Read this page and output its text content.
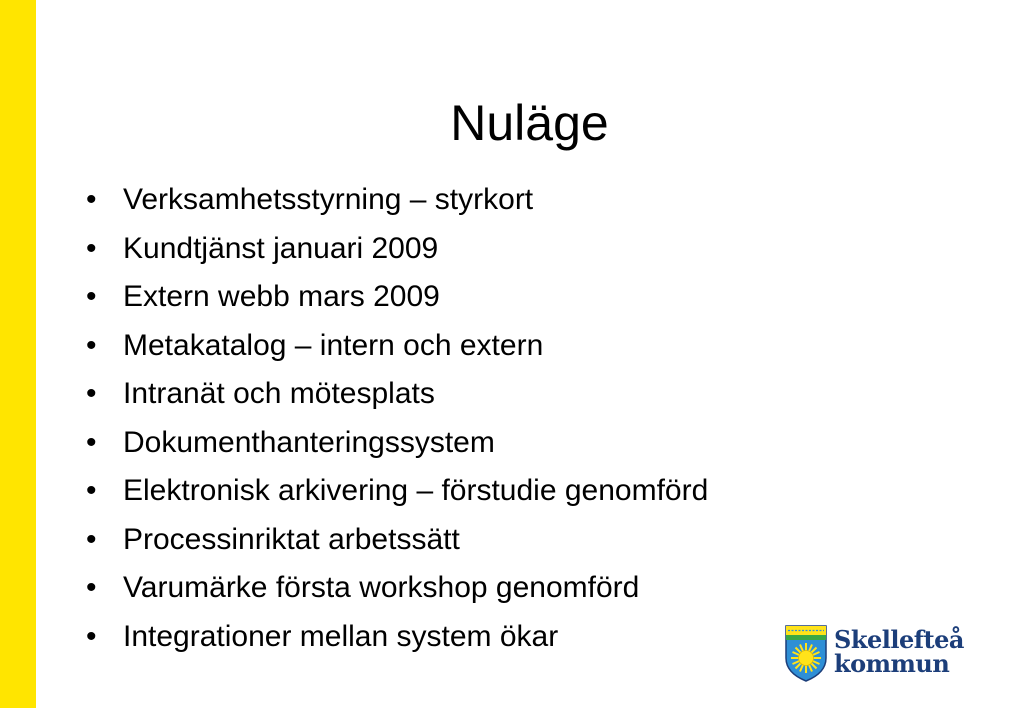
Nuläge
• Verksamhetsstyrning – styrkort
• Kundtjänst januari 2009
• Extern webb mars 2009
• Metakatalog – intern och extern
• Intranät och mötesplats
• Dokumenthanteringssystem
• Elektronisk arkivering – förstudie genomförd
• Processinriktat arbetssätt
• Varumärke första workshop genomförd
• Integrationer mellan system ökar	Skellefteå
kommun
